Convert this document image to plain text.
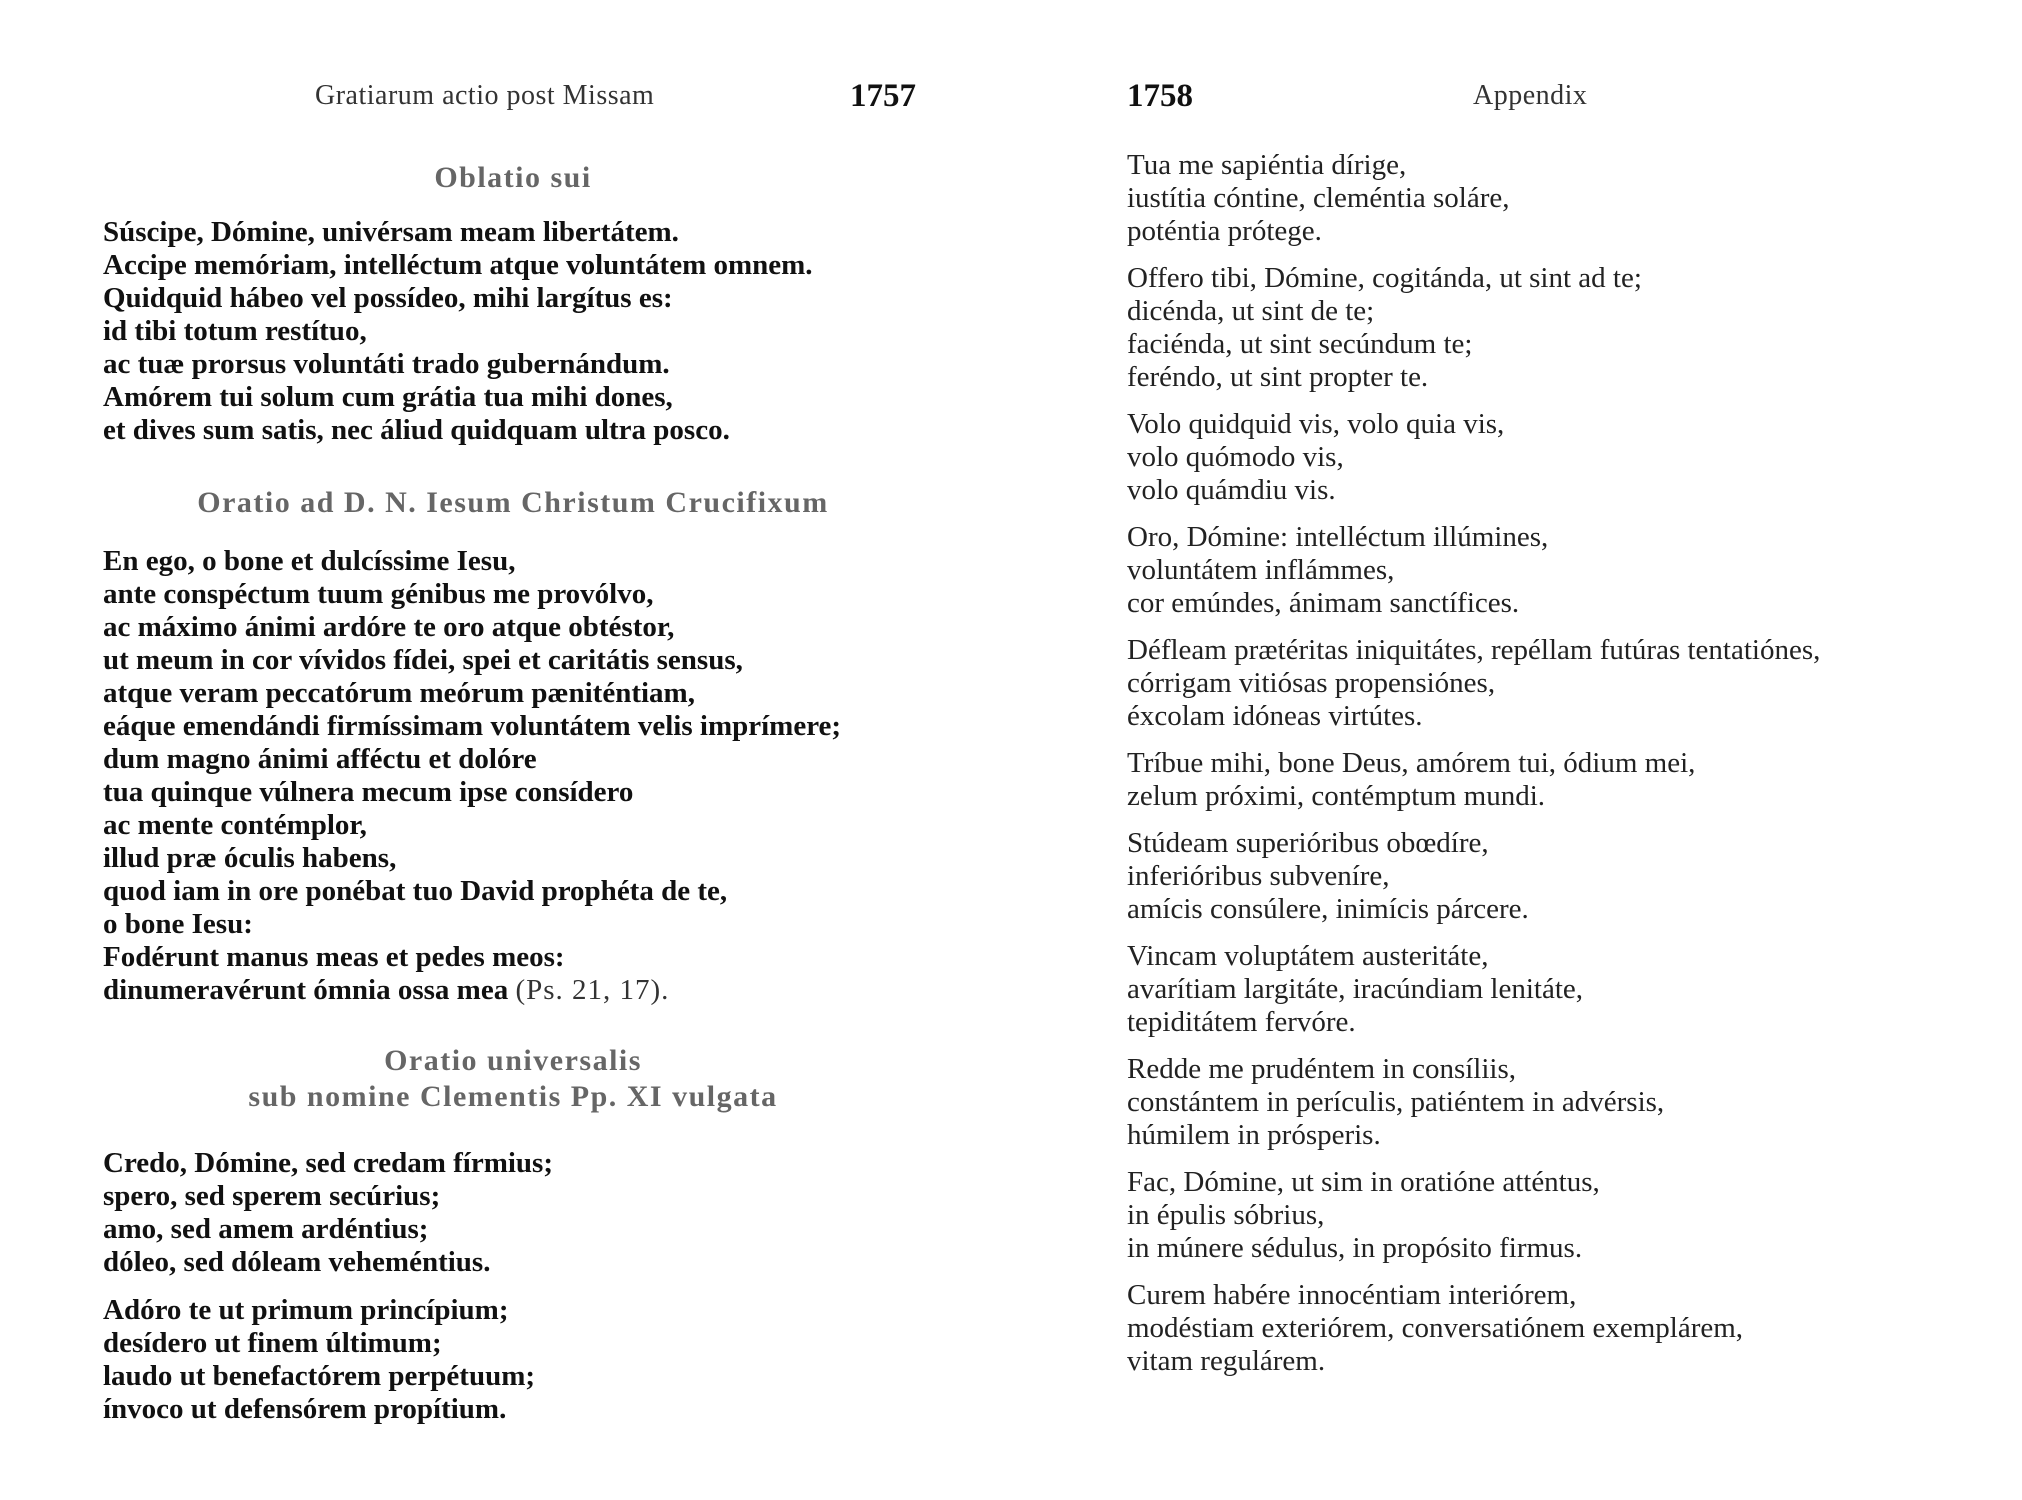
Gratiarum actio post Missam	1757
Oblatio sui
Súscipe, Dómine, univérsam meam libertátem.
Accipe memóriam, intelléctum atque voluntátem omnem.
Quidquid hábeo vel possídeo, mihi largítus es:
id tibi totum restítuo,
ac tuæ prorsus voluntáti trado gubernándum.
Amórem tui solum cum grátia tua mihi dones,
et dives sum satis, nec áliud quidquam ultra posco.
Oratio ad D. N. Iesum Christum Crucifixum
En ego, o bone et dulcíssime Iesu,
ante conspéctum tuum génibus me provólvo,
ac máximo ánimi ardóre te oro atque obtéstor,
ut meum in cor vívidos fídei, spei et caritátis sensus,
atque veram peccatórum meórum pæniténtiam,
eáque emendándi firmíssimam voluntátem velis imprímere;
dum magno ánimi afféctu et dolóre
tua quinque vúlnera mecum ipse consídero
ac mente contémplor,
illud præ óculis habens,
quod iam in ore ponébat tuo David prophéta de te,
o bone Iesu:
Fodérunt manus meas et pedes meos:
dinumeravérunt ómnia ossa mea (Ps. 21, 17).
Oratio universalis
sub nomine Clementis Pp. XI vulgata
Credo, Dómine, sed credam fírmius;
spero, sed sperem secúrius;
amo, sed amem ardéntius;
dóleo, sed dóleam veheméntius.
Adóro te ut primum princípium;
desídero ut finem últimum;
laudo ut benefactórem perpétuum;
ínvoco ut defensórem propítium.
1758	Appendix
Tua me sapiéntia dírige,
iustítia cóntine, cleméntia soláre,
poténtia prótege.
Offero tibi, Dómine, cogitánda, ut sint ad te;
dicénda, ut sint de te;
faciénda, ut sint secúndum te;
feréndo, ut sint propter te.
Volo quidquid vis, volo quia vis,
volo quómodo vis,
volo quámdiu vis.
Oro, Dómine: intelléctum illúmines,
voluntátem inflámmes,
cor emúndes, ánimam sanctífices.
Défleam prætéritas iniquitátes, repéllam futúras tentatiónes,
córrigam vitiósas propensiónes,
éxcolam idóneas virtútes.
Tríbue mihi, bone Deus, amórem tui, ódium mei,
zelum próximi, contémptum mundi.
Stúdeam superióribus obœdíre,
inferióribus subveníre,
amícis consúlere, inimícis párcere.
Vincam voluptátem austeritáte,
avarítiam largitáte, iracúndiam lenitáte,
tepiditátem fervóre.
Redde me prudéntem in consíliis,
constántem in perículis, patiéntem in advérsis,
húmilem in prósperis.
Fac, Dómine, ut sim in oratióne atténtus,
in épulis sóbrius,
in múnere sédulus, in propósito firmus.
Curem habére innocéntiam interiórem,
modéstiam exteriórem, conversatiónem exemplárem,
vitam regulárem.
